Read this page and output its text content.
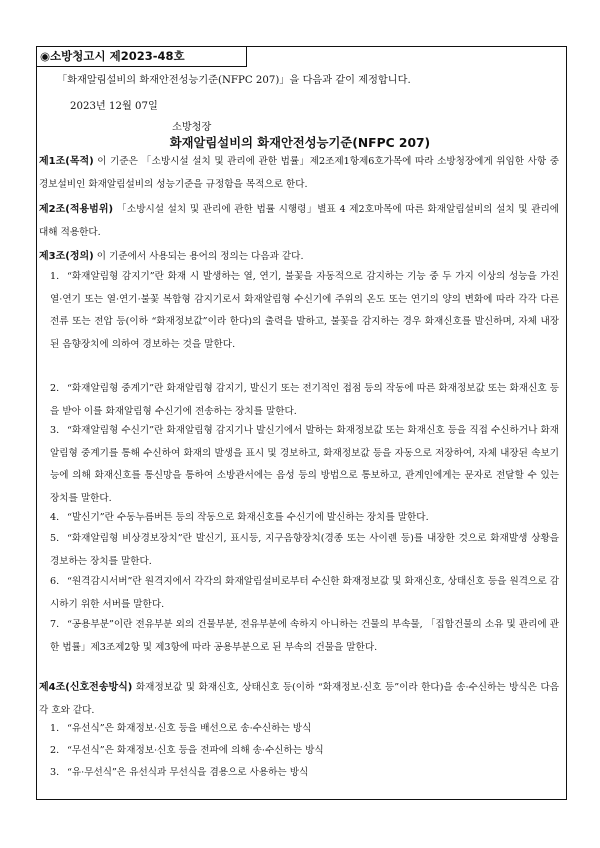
◉소방청고시 제2023-48호
「화재알림설비의 화재안전성능기준(NFPC 207)」을 다음과 같이 제정합니다.
2023년 12월 07일
소방청장
화재알림설비의 화재안전성능기준(NFPC 207)
제1조(목적) 이 기준은 「소방시설 설치 및 관리에 관한 법률」제2조제1항제6호가목에 따라 소방청장에게 위임한 사항 중 경보설비인 화재알림설비의 성능기준을 규정함을 목적으로 한다.
제2조(적용범위) 「소방시설 설치 및 관리에 관한 법률 시행령」별표 4 제2호마목에 따른 화재알림설비의 설치 및 관리에 대해 적용한다.
제3조(정의) 이 기준에서 사용되는 용어의 정의는 다음과 같다.
1. “화재알림형 감지기”란 화재 시 발생하는 열, 연기, 불꽃을 자동적으로 감지하는 기능 중 두 가지 이상의 성능을 가진 열·연기 또는 열·연기·불꽃 복합형 감지기로서 화재알림형 수신기에 주위의 온도 또는 연기의 양의 변화에 따라 각각 다른 전류 또는 전압 등(이하 “화재정보값”이라 한다)의 출력을 발하고, 불꽃을 감지하는 경우 화재신호를 발신하며, 자체 내장된 음향장치에 의하여 경보하는 것을 말한다.
2. “화재알림형 중계기”란 화재알림형 감지기, 발신기 또는 전기적인 접점 등의 작동에 따른 화재정보값 또는 화재신호 등을 받아 이를 화재알림형 수신기에 전송하는 장치를 말한다.
3. “화재알림형 수신기”란 화재알림형 감지기나 발신기에서 발하는 화재정보값 또는 화재신호 등을 직접 수신하거나 화재알림형 중계기를 통해 수신하여 화재의 발생을 표시 및 경보하고, 화재정보값 등을 자동으로 저장하여, 자체 내장된 속보기능에 의해 화재신호를 통신망을 통하여 소방관서에는 음성 등의 방법으로 통보하고, 관계인에게는 문자로 전달할 수 있는 장치를 말한다.
4. “발신기”란 수동누름버튼 등의 작동으로 화재신호를 수신기에 발신하는 장치를 말한다.
5. “화재알림형 비상경보장치”란 발신기, 표시등, 지구음향장치(경종 또는 사이렌 등)를 내장한 것으로 화재발생 상황을 경보하는 장치를 말한다.
6. “원격감시서버”란 원격지에서 각각의 화재알림설비로부터 수신한 화재정보값 및 화재신호, 상태신호 등을 원격으로 감시하기 위한 서버를 말한다.
7. “공용부분”이란 전유부분 외의 건물부분, 전유부분에 속하지 아니하는 건물의 부속물, 「집합건물의 소유 및 관리에 관한 법률」제3조제2항 및 제3항에 따라 공용부분으로 된 부속의 건물을 말한다.
제4조(신호전송방식) 화재정보값 및 화재신호, 상태신호 등(이하 “화재정보·신호 등”이라 한다)을 송·수신하는 방식은 다음 각 호와 같다.
1. “유선식”은 화재정보·신호 등을 배선으로 송·수신하는 방식
2. “무선식”은 화재정보·신호 등을 전파에 의해 송·수신하는 방식
3. “유·무선식”은 유선식과 무선식을 겸용으로 사용하는 방식
